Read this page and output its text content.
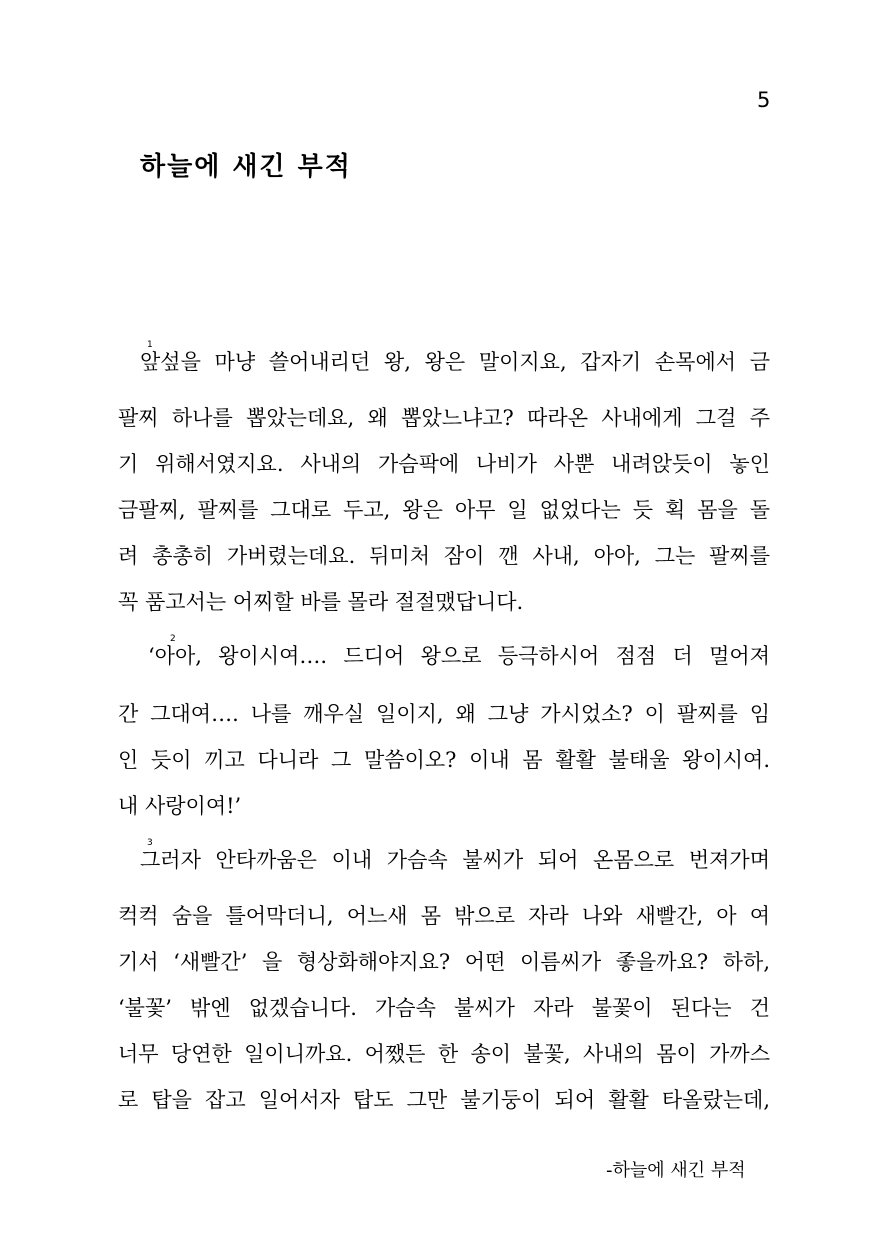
5
하늘에 새긴 부적
1
앞섶을 마냥 쓸어내리던 왕, 왕은 말이지요, 갑자기 손목에서 금
팔찌 하나를 뽑았는데요, 왜 뽑았느냐고? 따라온 사내에게 그걸 주
기 위해서였지요. 사내의 가슴팍에 나비가 사뿐 내려앉듯이 놓인
금팔찌, 팔찌를 그대로 두고, 왕은 아무 일 없었다는 듯 획 몸을 돌
려 총총히 가버렸는데요. 뒤미처 잠이 깬 사내, 아아, 그는 팔찌를
꼭 품고서는 어찌할 바를 몰라 절절맸답니다.
2
‘아아, 왕이시여…. 드디어 왕으로 등극하시어 점점 더 멀어져
간 그대여…. 나를 깨우실 일이지, 왜 그냥 가시었소? 이 팔찌를 임
인 듯이 끼고 다니라 그 말씀이오? 이내 몸 활활 불태울 왕이시여.
내 사랑이여!’
3
그러자 안타까움은 이내 가슴속 불씨가 되어 온몸으로 번져가며
컥컥 숨을 틀어막더니, 어느새 몸 밖으로 자라 나와 새빨간, 아 여
기서 ‘새빨간’ 을 형상화해야지요? 어떤 이름씨가 좋을까요? 하하,
‘불꽃’ 밖엔 없겠습니다. 가슴속 불씨가 자라 불꽃이 된다는 건
너무 당연한 일이니까요. 어쨌든 한 송이 불꽃, 사내의 몸이 가까스
로 탑을 잡고 일어서자 탑도 그만 불기둥이 되어 활활 타올랐는데,
-하늘에 새긴 부적
